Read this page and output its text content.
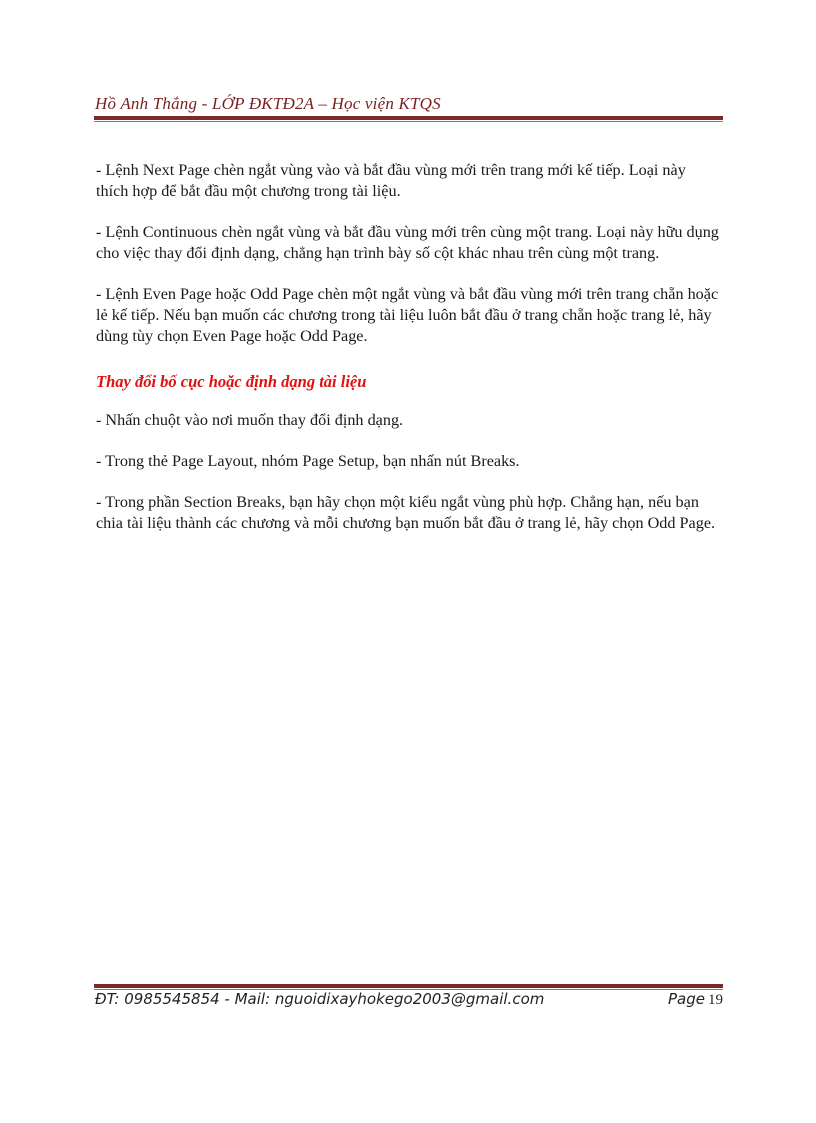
Hồ Anh Thắng - LỚP ĐKTĐ2A – Học viện KTQS

- Lệnh Next Page chèn ngắt vùng vào và bắt đầu vùng mới trên trang mới kế tiếp. Loại này thích hợp để bắt đầu một chương trong tài liệu.

- Lệnh Continuous chèn ngắt vùng và bắt đầu vùng mới trên cùng một trang. Loại này hữu dụng cho việc thay đổi định dạng, chẳng hạn trình bày số cột khác nhau trên cùng một trang.

- Lệnh Even Page hoặc Odd Page chèn một ngắt vùng và bắt đầu vùng mới trên trang chẵn hoặc lẻ kế tiếp. Nếu bạn muốn các chương trong tài liệu luôn bắt đầu ở trang chẵn hoặc trang lẻ, hãy dùng tùy chọn Even Page hoặc Odd Page.

Thay đổi bố cục hoặc định dạng tài liệu

- Nhấn chuột vào nơi muốn thay đổi định dạng.

- Trong thẻ Page Layout, nhóm Page Setup, bạn nhấn nút Breaks.

- Trong phần Section Breaks, bạn hãy chọn một kiểu ngắt vùng phù hợp. Chẳng hạn, nếu bạn chia tài liệu thành các chương và mỗi chương bạn muốn bắt đầu ở trang lẻ, hãy chọn Odd Page.

ĐT: 0985545854 - Mail: nguoidixayhokego2003@gmail.com	Page 19
